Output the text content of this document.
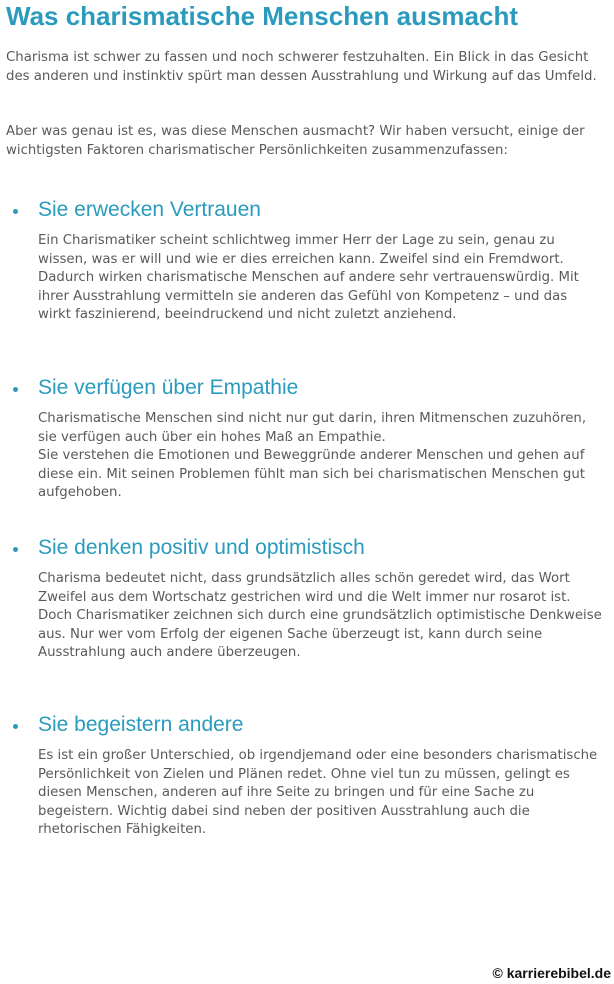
Was charismatische Menschen ausmacht

Charisma ist schwer zu fassen und noch schwerer festzuhalten. Ein Blick in das Gesicht des anderen und instinktiv spürt man dessen Ausstrahlung und Wirkung auf das Umfeld.

Aber was genau ist es, was diese Menschen ausmacht? Wir haben versucht, einige der wichtigsten Faktoren charismatischer Persönlichkeiten zusammenzufassen:

Sie erwecken Vertrauen

Ein Charismatiker scheint schlichtweg immer Herr der Lage zu sein, genau zu wissen, was er will und wie er dies erreichen kann. Zweifel sind ein Fremdwort. Dadurch wirken charismatische Menschen auf andere sehr vertrauenswürdig. Mit ihrer Ausstrahlung vermitteln sie anderen das Gefühl von Kompetenz – und das wirkt faszinierend, beeindruckend und nicht zuletzt anziehend.

Sie verfügen über Empathie

Charismatische Menschen sind nicht nur gut darin, ihren Mitmenschen zuzuhören, sie verfügen auch über ein hohes Maß an Empathie.
Sie verstehen die Emotionen und Beweggründe anderer Menschen und gehen auf diese ein. Mit seinen Problemen fühlt man sich bei charismatischen Menschen gut aufgehoben.

Sie denken positiv und optimistisch

Charisma bedeutet nicht, dass grundsätzlich alles schön geredet wird, das Wort Zweifel aus dem Wortschatz gestrichen wird und die Welt immer nur rosarot ist. Doch Charismatiker zeichnen sich durch eine grundsätzlich optimistische Denkweise aus. Nur wer vom Erfolg der eigenen Sache überzeugt ist, kann durch seine Ausstrahlung auch andere überzeugen.

Sie begeistern andere

Es ist ein großer Unterschied, ob irgendjemand oder eine besonders charismatische Persönlichkeit von Zielen und Plänen redet. Ohne viel tun zu müssen, gelingt es diesen Menschen, anderen auf ihre Seite zu bringen und für eine Sache zu begeistern. Wichtig dabei sind neben der positiven Ausstrahlung auch die rhetorischen Fähigkeiten.

© karrierebibel.de
